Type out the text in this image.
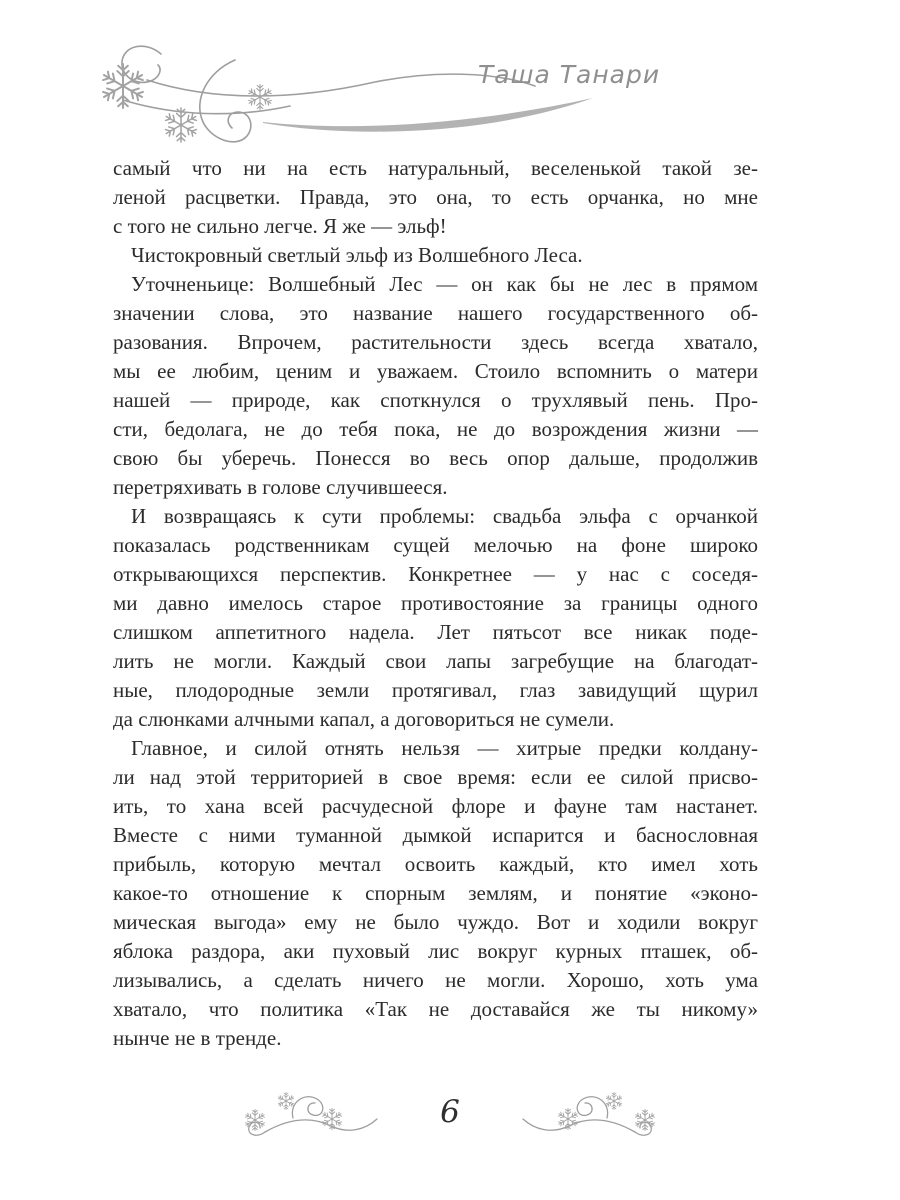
Таша Танари
самый что ни на есть натуральный, веселенькой такой зе-
леной расцветки. Правда, это она, то есть орчанка, но мне
с того не сильно легче. Я же — эльф!
Чистокровный светлый эльф из Волшебного Леса.
Уточненьице: Волшебный Лес — он как бы не лес в прямом
значении слова, это название нашего государственного об-
разования. Впрочем, растительности здесь всегда хватало,
мы ее любим, ценим и уважаем. Стоило вспомнить о матери
нашей — природе, как споткнулся о трухлявый пень. Про-
сти, бедолага, не до тебя пока, не до возрождения жизни —
свою бы уберечь. Понесся во весь опор дальше, продолжив
перетряхивать в голове случившееся.
И возвращаясь к сути проблемы: свадьба эльфа с орчанкой
показалась родственникам сущей мелочью на фоне широко
открывающихся перспектив. Конкретнее — у нас с соседя-
ми давно имелось старое противостояние за границы одного
слишком аппетитного надела. Лет пятьсот все никак поде-
лить не могли. Каждый свои лапы загребущие на благодат-
ные, плодородные земли протягивал, глаз завидущий щурил
да слюнками алчными капал, а договориться не сумели.
Главное, и силой отнять нельзя — хитрые предки колдану-
ли над этой территорией в свое время: если ее силой присво-
ить, то хана всей расчудесной флоре и фауне там настанет.
Вместе с ними туманной дымкой испарится и баснословная
прибыль, которую мечтал освоить каждый, кто имел хоть
какое-то отношение к спорным землям, и понятие «эконо-
мическая выгода» ему не было чуждо. Вот и ходили вокруг
яблока раздора, аки пуховый лис вокруг курных пташек, об-
лизывались, а сделать ничего не могли. Хорошо, хоть ума
хватало, что политика «Так не доставайся же ты никому»
нынче не в тренде.
6
